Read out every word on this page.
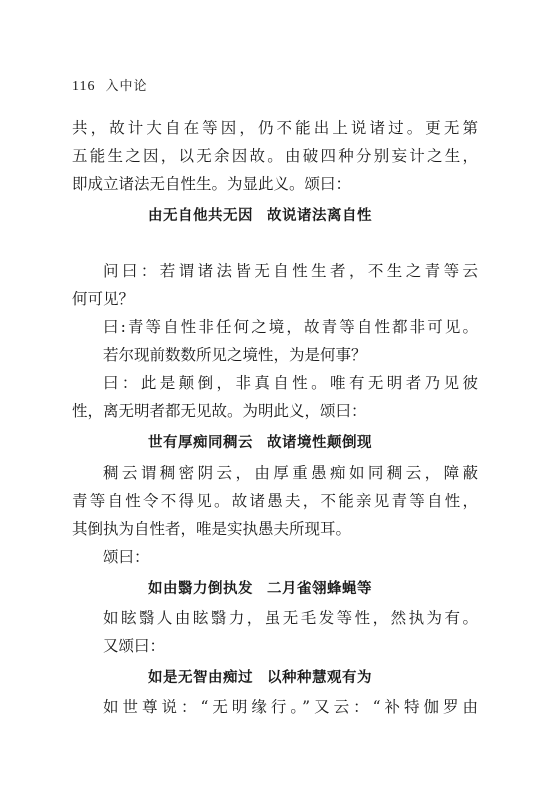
116 入中论
共，故计大自在等因，仍不能出上说诸过。更无第
五能生之因，以无余因故。由破四种分别妄计之生，
即成立诸法无自性生。为显此义。颂曰：
由无自他共无因 故说诸法离自性
问曰：若谓诸法皆无自性生者，不生之青等云
何可见？
曰:青等自性非任何之境，故青等自性都非可见。
若尔现前数数所见之境性，为是何事？
曰：此是颠倒，非真自性。唯有无明者乃见彼
性，离无明者都无见故。为明此义，颂曰：
世有厚痴同稠云 故诸境性颠倒现
稠云谓稠密阴云，由厚重愚痴如同稠云，障蔽
青等自性令不得见。故诸愚夫，不能亲见青等自性，
其倒执为自性者，唯是实执愚夫所现耳。
颂曰：
如由翳力倒执发 二月雀翎蜂蝇等
如眩翳人由眩翳力，虽无毛发等性，然执为有。
又颂曰：
如是无智由痴过 以种种慧观有为
如世尊说：“无明缘行。”又云：“补特伽罗由
